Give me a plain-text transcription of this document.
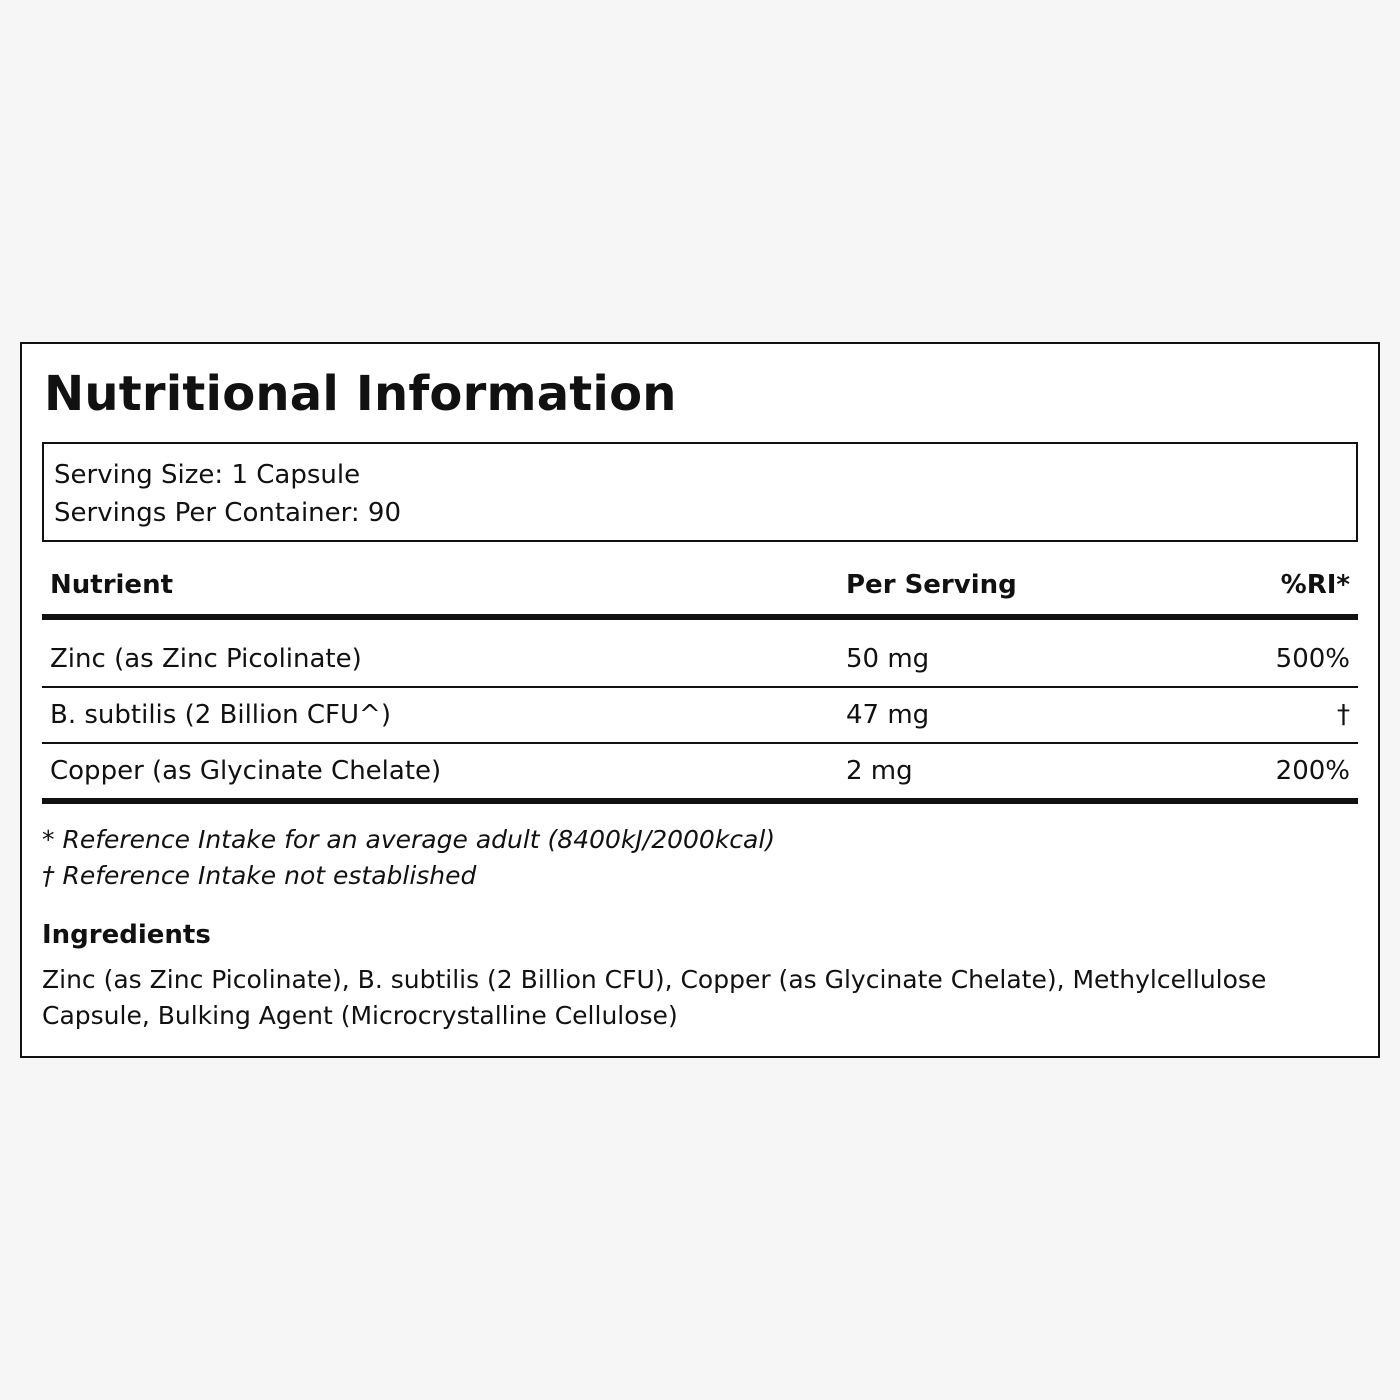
Nutritional Information
Serving Size: 1 Capsule
Servings Per Container: 90
Nutrient	Per Serving	%RI*
Zinc (as Zinc Picolinate)	50 mg	500%
B. subtilis (2 Billion CFU^)	47 mg	†
Copper (as Glycinate Chelate)	2 mg	200%
* Reference Intake for an average adult (8400kJ/2000kcal)
† Reference Intake not established
Ingredients
Zinc (as Zinc Picolinate), B. subtilis (2 Billion CFU), Copper (as Glycinate Chelate), Methylcellulose Capsule, Bulking Agent (Microcrystalline Cellulose)
